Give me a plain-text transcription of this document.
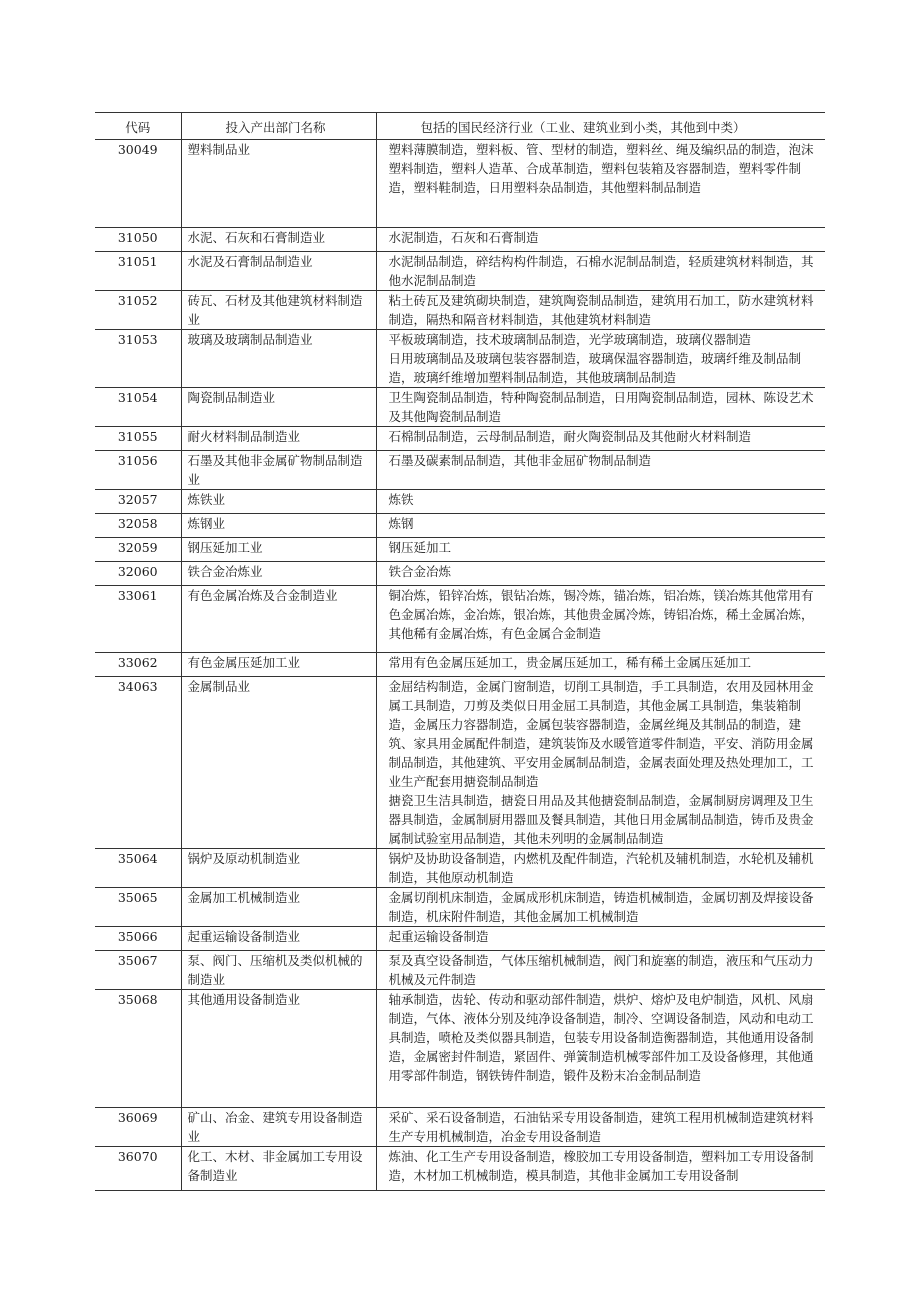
代码	投入产出部门名称	包括的国民经济行业（工业、建筑业到小类，其他到中类）
30049	塑料制品业	塑料薄膜制造，塑料板、管、型材的制造，塑料丝、绳及编织品的制造，泡沫塑料制造，塑料人造革、合成革制造，塑料包装箱及容器制造，塑料零件制造，塑料鞋制造，日用塑料杂品制造，其他塑料制品制造
31050	水泥、石灰和石膏制造业	水泥制造，石灰和石膏制造
31051	水泥及石膏制品制造业	水泥制品制造，碎结构构件制造，石棉水泥制品制造，轻质建筑材料制造，其他水泥制品制造
31052	砖瓦、石材及其他建筑材料制造业	粘土砖瓦及建筑砌块制造，建筑陶瓷制品制造，建筑用石加工，防水建筑材料制造，隔热和隔音材料制造，其他建筑材料制造
31053	玻璃及玻璃制品制造业	平板玻璃制造，技术玻璃制品制造，光学玻璃制造，玻璃仪器制造
日用玻璃制品及玻璃包装容器制造，玻璃保温容器制造，玻璃纤维及制品制造，玻璃纤维增加塑料制品制造，其他玻璃制品制造
31054	陶瓷制品制造业	卫生陶瓷制品制造，特种陶瓷制品制造，日用陶瓷制品制造，园林、陈设艺术及其他陶瓷制品制造
31055	耐火材料制品制造业	石棉制品制造，云母制品制造，耐火陶瓷制品及其他耐火材料制造
31056	石墨及其他非金属矿物制品制造业	石墨及碳素制品制造，其他非金屈矿物制品制造
32057	炼铁业	炼铁
32058	炼钢业	炼钢
32059	钢压延加工业	钢压延加工
32060	铁合金冶炼业	铁合金冶炼
33061	有色金属冶炼及合金制造业	铜冶炼，铅锌冶炼，银钻冶炼，锡冷炼，锚冶炼，铝冶炼，镁冶炼其他常用有色金属冶炼，金冶炼，银冶炼，其他贵金属冷炼，铸铝冶炼，稀土金属冶炼，其他稀有金属冶炼，有色金属合金制造
33062	有色金属压延加工业	常用有色金属压延加工，贵金属压延加工，稀有稀土金属压延加工
34063	金属制品业	金屈结构制造，金属门窗制造，切削工具制造，手工具制造，农用及园林用金属工具制造，刀剪及类似日用金屈工具制造，其他金属工具制造，集装箱制造，金属压力容器制造，金属包装容器制造，金属丝绳及其制品的制造，建筑、家具用金属配件制造，建筑装饰及水暖管道零件制造，平安、消防用金属制品制造，其他建筑、平安用金属制品制造，金属表面处理及热处理加工，工业生产配套用搪瓷制品制造
搪瓷卫生洁具制造，搪瓷日用品及其他搪瓷制品制造，金属制厨房调理及卫生器具制造，金属制厨用器皿及餐具制造，其他日用金属制品制造，铸币及贵金属制试验室用品制造，其他未列明的金属制品制造
35064	锅炉及原动机制造业	锅炉及协助设备制造，内燃机及配件制造，汽轮机及辅机制造，水轮机及辅机制造，其他原动机制造
35065	金属加工机械制造业	金属切削机床制造，金属成形机床制造，铸造机械制造，金属切割及焊接设备制造，机床附件制造，其他金属加工机械制造
35066	起重运输设备制造业	起重运输设备制造
35067	泵、阀门、压缩机及类似机械的制造业	泵及真空设备制造，气体压缩机械制造，阀门和旋塞的制造，液压和气压动力机械及元件制造
35068	其他通用设备制造业	轴承制造，齿轮、传动和驱动部件制造，烘炉、熔炉及电炉制造，风机、风扇制造，气体、液体分别及纯净设备制造，制冷、空调设备制造，风动和电动工具制造，喷枪及类似器具制造，包装专用设备制造衡器制造，其他通用设备制造，金属密封件制造，紧固件、弹簧制造机械零部件加工及设备修理，其他通用零部件制造，钢铁铸件制造，锻件及粉末冶金制品制造
36069	矿山、冶金、建筑专用设备制造业	采矿、采石设备制造，石油钻采专用设备制造，建筑工程用机械制造建筑材料生产专用机械制造，冶金专用设备制造
36070	化工、木材、非金属加工专用设备制造业	炼油、化工生产专用设备制造，橡胶加工专用设备制造，塑料加工专用设备制造，木材加工机械制造，模具制造，其他非金属加工专用设备制
